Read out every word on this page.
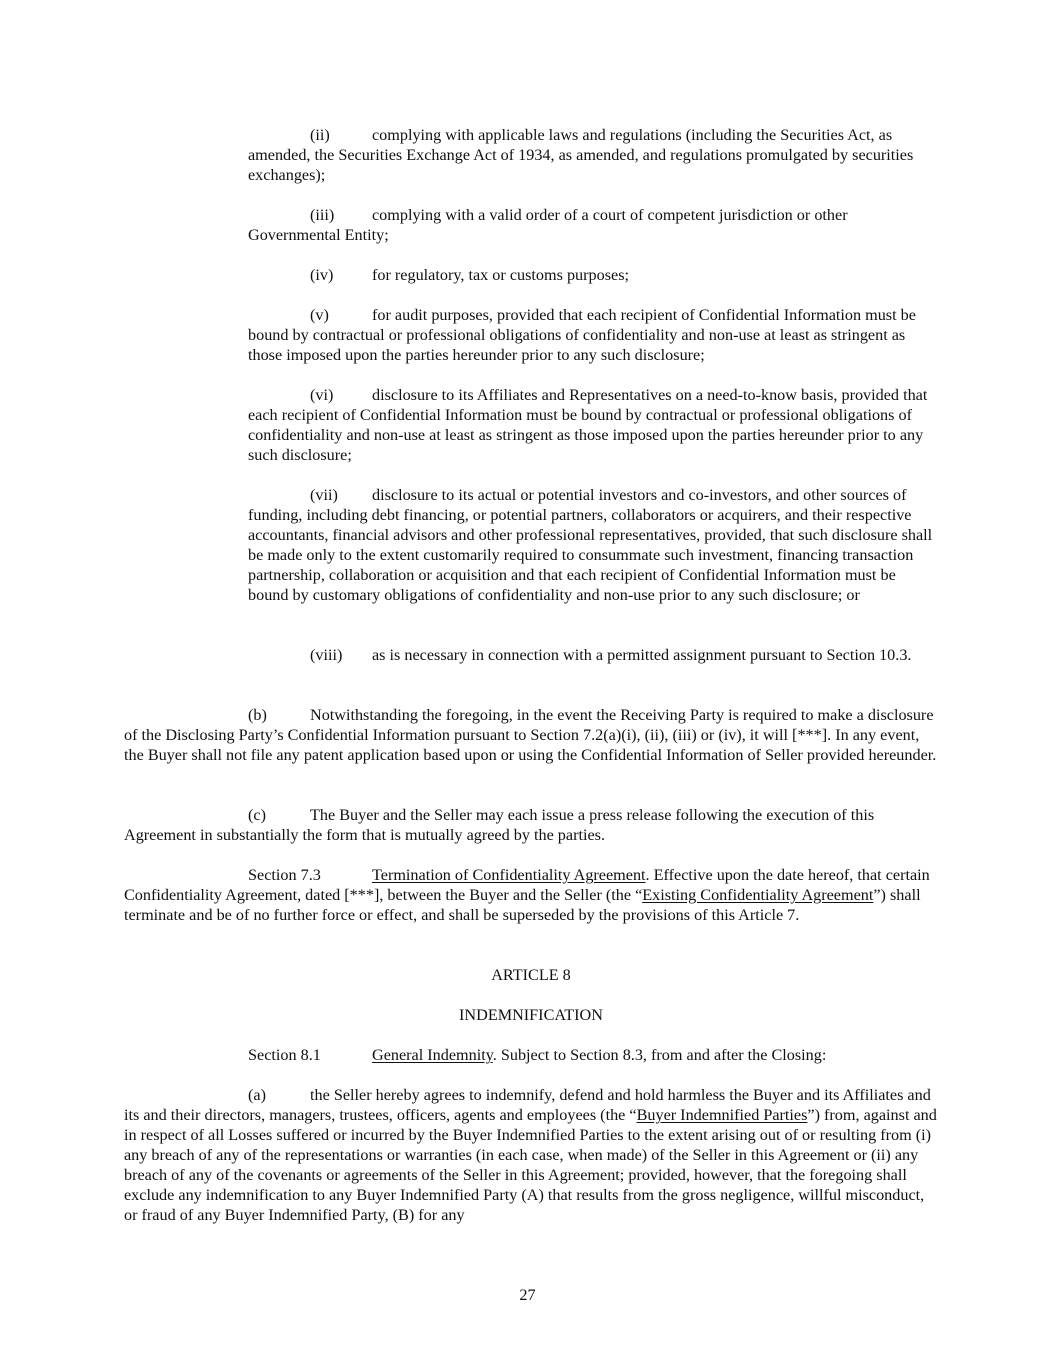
(ii)	complying with applicable laws and regulations (including the Securities Act, as amended, the Securities Exchange Act of 1934, as amended, and regulations promulgated by securities exchanges);

(iii) complying with a valid order of a court of competent jurisdiction or other Governmental Entity;

(iv) for regulatory, tax or customs purposes;

(v)	for audit purposes, provided that each recipient of Confidential Information must be bound by contractual or professional obligations of confidentiality and non-use at least as stringent as those imposed upon the parties hereunder prior to any such disclosure;

(vi) disclosure to its Affiliates and Representatives on a need-to-know basis, provided that each recipient of Confidential Information must be bound by contractual or professional obligations of confidentiality and non-use at least as stringent as those imposed upon the parties hereunder prior to any such disclosure;

(vii) disclosure to its actual or potential investors and co-investors, and other sources of funding, including debt financing, or potential partners, collaborators or acquirers, and their respective accountants, financial advisors and other professional representatives, provided, that such disclosure shall be made only to the extent customarily required to consummate such investment, financing transaction partnership, collaboration or acquisition and that each recipient of Confidential Information must be bound by customary obligations of confidentiality and non-use prior to any such disclosure; or

(viii) as is necessary in connection with a permitted assignment pursuant to Section 10.3.

(b)	Notwithstanding the foregoing, in the event the Receiving Party is required to make a disclosure of the Disclosing Party’s Confidential Information pursuant to Section 7.2(a)(i), (ii), (iii) or (iv), it will [***]. In any event, the Buyer shall not file any patent application based upon or using the Confidential Information of Seller provided hereunder.

(c)	The Buyer and the Seller may each issue a press release following the execution of this Agreement in substantially the form that is mutually agreed by the parties.

Section 7.3	Termination of Confidentiality Agreement. Effective upon the date hereof, that certain Confidentiality Agreement, dated [***], between the Buyer and the Seller (the “Existing Confidentiality Agreement”) shall terminate and be of no further force or effect, and shall be superseded by the provisions of this Article 7.

ARTICLE 8

INDEMNIFICATION

Section 8.1	General Indemnity. Subject to Section 8.3, from and after the Closing:

(a)	the Seller hereby agrees to indemnify, defend and hold harmless the Buyer and its Affiliates and its and their directors, managers, trustees, officers, agents and employees (the “Buyer Indemnified Parties”) from, against and in respect of all Losses suffered or incurred by the Buyer Indemnified Parties to the extent arising out of or resulting from (i) any breach of any of the representations or warranties (in each case, when made) of the Seller in this Agreement or (ii) any breach of any of the covenants or agreements of the Seller in this Agreement; provided, however, that the foregoing shall exclude any indemnification to any Buyer Indemnified Party (A) that results from the gross negligence, willful misconduct, or fraud of any Buyer Indemnified Party, (B) for any

27
